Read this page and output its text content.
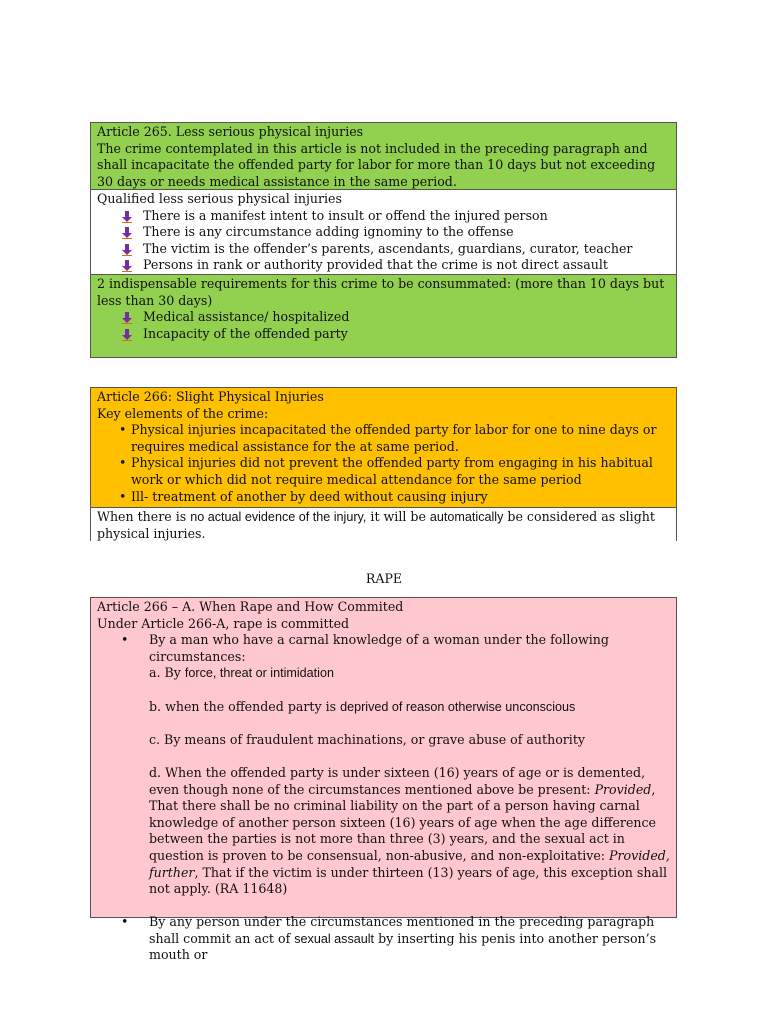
Article 265. Less serious physical injuries
The crime contemplated in this article is not included in the preceding paragraph and shall incapacitate the offended party for labor for more than 10 days but not exceeding 30 days or needs medical assistance in the same period.
Qualified less serious physical injuries
There is a manifest intent to insult or offend the injured person
There is any circumstance adding ignominy to the offense
The victim is the offender’s parents, ascendants, guardians, curator, teacher
Persons in rank or authority provided that the crime is not direct assault
2 indispensable requirements for this crime to be consummated: (more than 10 days but less than 30 days)
Medical assistance/ hospitalized
Incapacity of the offended party
Article 266: Slight Physical Injuries
Key elements of the crime:
• Physical injuries incapacitated the offended party for labor for one to nine days or requires medical assistance for the at same period.
• Physical injuries did not prevent the offended party from engaging in his habitual work or which did not require medical attendance for the same period
• Ill- treatment of another by deed without causing injury
When there is no actual evidence of the injury, it will be automatically be considered as slight physical injuries.
RAPE
Article 266 – A. When Rape and How Commited
Under Article 266-A, rape is committed
• By a man who have a carnal knowledge of a woman under the following circumstances:
a. By force, threat or intimidation
b. when the offended party is deprived of reason otherwise unconscious
c. By means of fraudulent machinations, or grave abuse of authority
d. When the offended party is under sixteen (16) years of age or is demented, even though none of the circumstances mentioned above be present: Provided, That there shall be no criminal liability on the part of a person having carnal knowledge of another person sixteen (16) years of age when the age difference between the parties is not more than three (3) years, and the sexual act in question is proven to be consensual, non-abusive, and non-exploitative: Provided, further, That if the victim is under thirteen (13) years of age, this exception shall not apply. (RA 11648)
• By any person under the circumstances mentioned in the preceding paragraph shall commit an act of sexual assault by inserting his penis into another person’s mouth or
